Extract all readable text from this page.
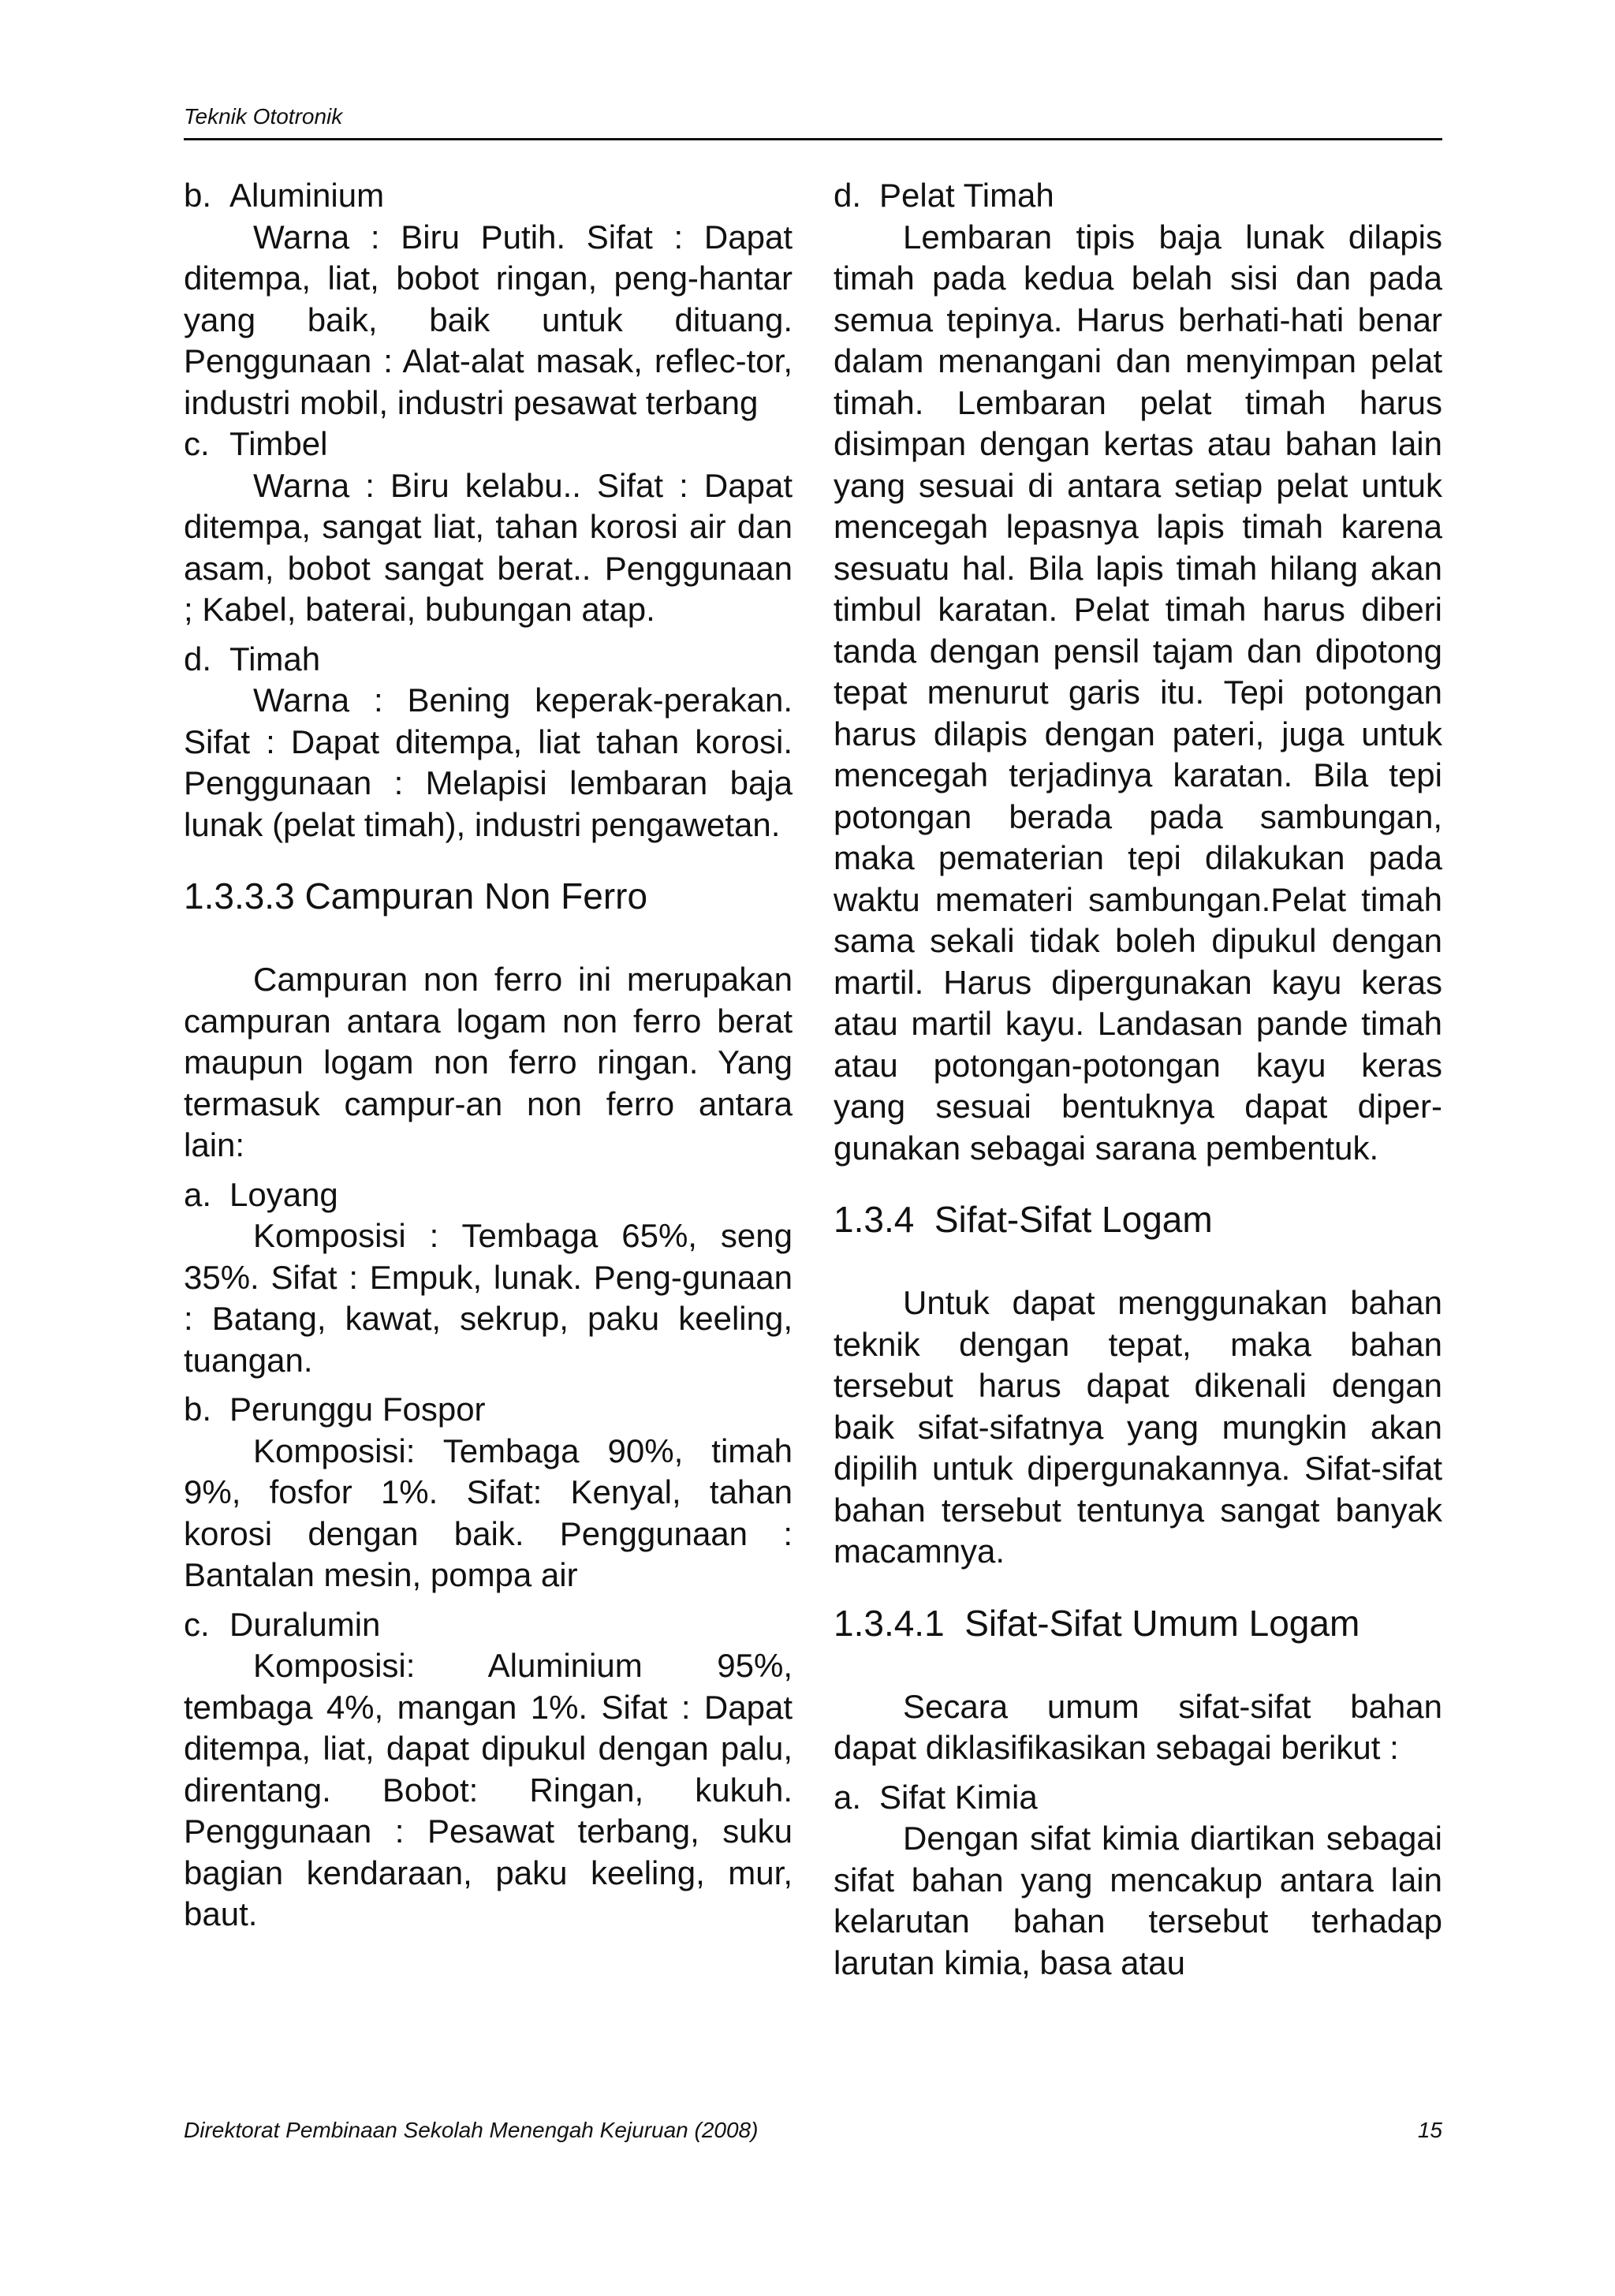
Teknik Ototronik
b. Aluminium

Warna : Biru Putih. Sifat : Dapat ditempa, liat, bobot ringan, peng-hantar yang baik, baik untuk dituang. Penggunaan : Alat-alat masak, reflec-tor, industri mobil, industri pesawat terbang

c. Timbel

Warna : Biru kelabu.. Sifat : Dapat ditempa, sangat liat, tahan korosi air dan asam, bobot sangat berat.. Penggunaan ; Kabel, baterai, bubungan atap.

d. Timah

Warna : Bening keperak-perakan. Sifat : Dapat ditempa, liat tahan korosi. Penggunaan : Melapisi lembaran baja lunak (pelat timah), industri pengawetan.

1.3.3.3 Campuran Non Ferro

Campuran non ferro ini merupakan campuran antara logam non ferro berat maupun logam non ferro ringan. Yang termasuk campur-an non ferro antara lain:

a. Loyang

Komposisi : Tembaga 65%, seng 35%. Sifat : Empuk, lunak. Peng-gunaan : Batang, kawat, sekrup, paku keeling, tuangan.

b. Perunggu Fospor

Komposisi: Tembaga 90%, timah 9%, fosfor 1%. Sifat: Kenyal, tahan korosi dengan baik. Penggunaan : Bantalan mesin, pompa air

c. Duralumin

Komposisi: Aluminium 95%, tembaga 4%, mangan 1%. Sifat : Dapat ditempa, liat, dapat dipukul dengan palu, direntang. Bobot: Ringan, kukuh. Penggunaan : Pesawat terbang, suku bagian kendaraan, paku keeling, mur, baut.

d. Pelat Timah

Lembaran tipis baja lunak dilapis timah pada kedua belah sisi dan pada semua tepinya. Harus berhati-hati benar dalam menangani dan menyimpan pelat timah. Lembaran pelat timah harus disimpan dengan kertas atau bahan lain yang sesuai di antara setiap pelat untuk mencegah lepasnya lapis timah karena sesuatu hal. Bila lapis timah hilang akan timbul karatan. Pelat timah harus diberi tanda dengan pensil tajam dan dipotong tepat menurut garis itu. Tepi potongan harus dilapis dengan pateri, juga untuk mencegah terjadinya karatan. Bila tepi potongan berada pada sambungan, maka pematerian tepi dilakukan pada waktu memateri sambungan.Pelat timah sama sekali tidak boleh dipukul dengan martil. Harus dipergunakan kayu keras atau martil kayu. Landasan pande timah atau potongan-potongan kayu keras yang sesuai bentuknya dapat diper-gunakan sebagai sarana pembentuk.

1.3.4  Sifat-Sifat Logam

Untuk dapat menggunakan bahan teknik dengan tepat, maka bahan tersebut harus dapat dikenali dengan baik sifat-sifatnya yang mungkin akan dipilih untuk dipergunakannya. Sifat-sifat bahan tersebut tentunya sangat banyak macamnya.

1.3.4.1  Sifat-Sifat Umum Logam

Secara umum sifat-sifat bahan dapat diklasifikasikan sebagai berikut :

a. Sifat Kimia

Dengan sifat kimia diartikan sebagai sifat bahan yang mencakup antara lain kelarutan bahan tersebut terhadap larutan kimia, basa atau

Direktorat Pembinaan Sekolah Menengah Kejuruan (2008)	15
